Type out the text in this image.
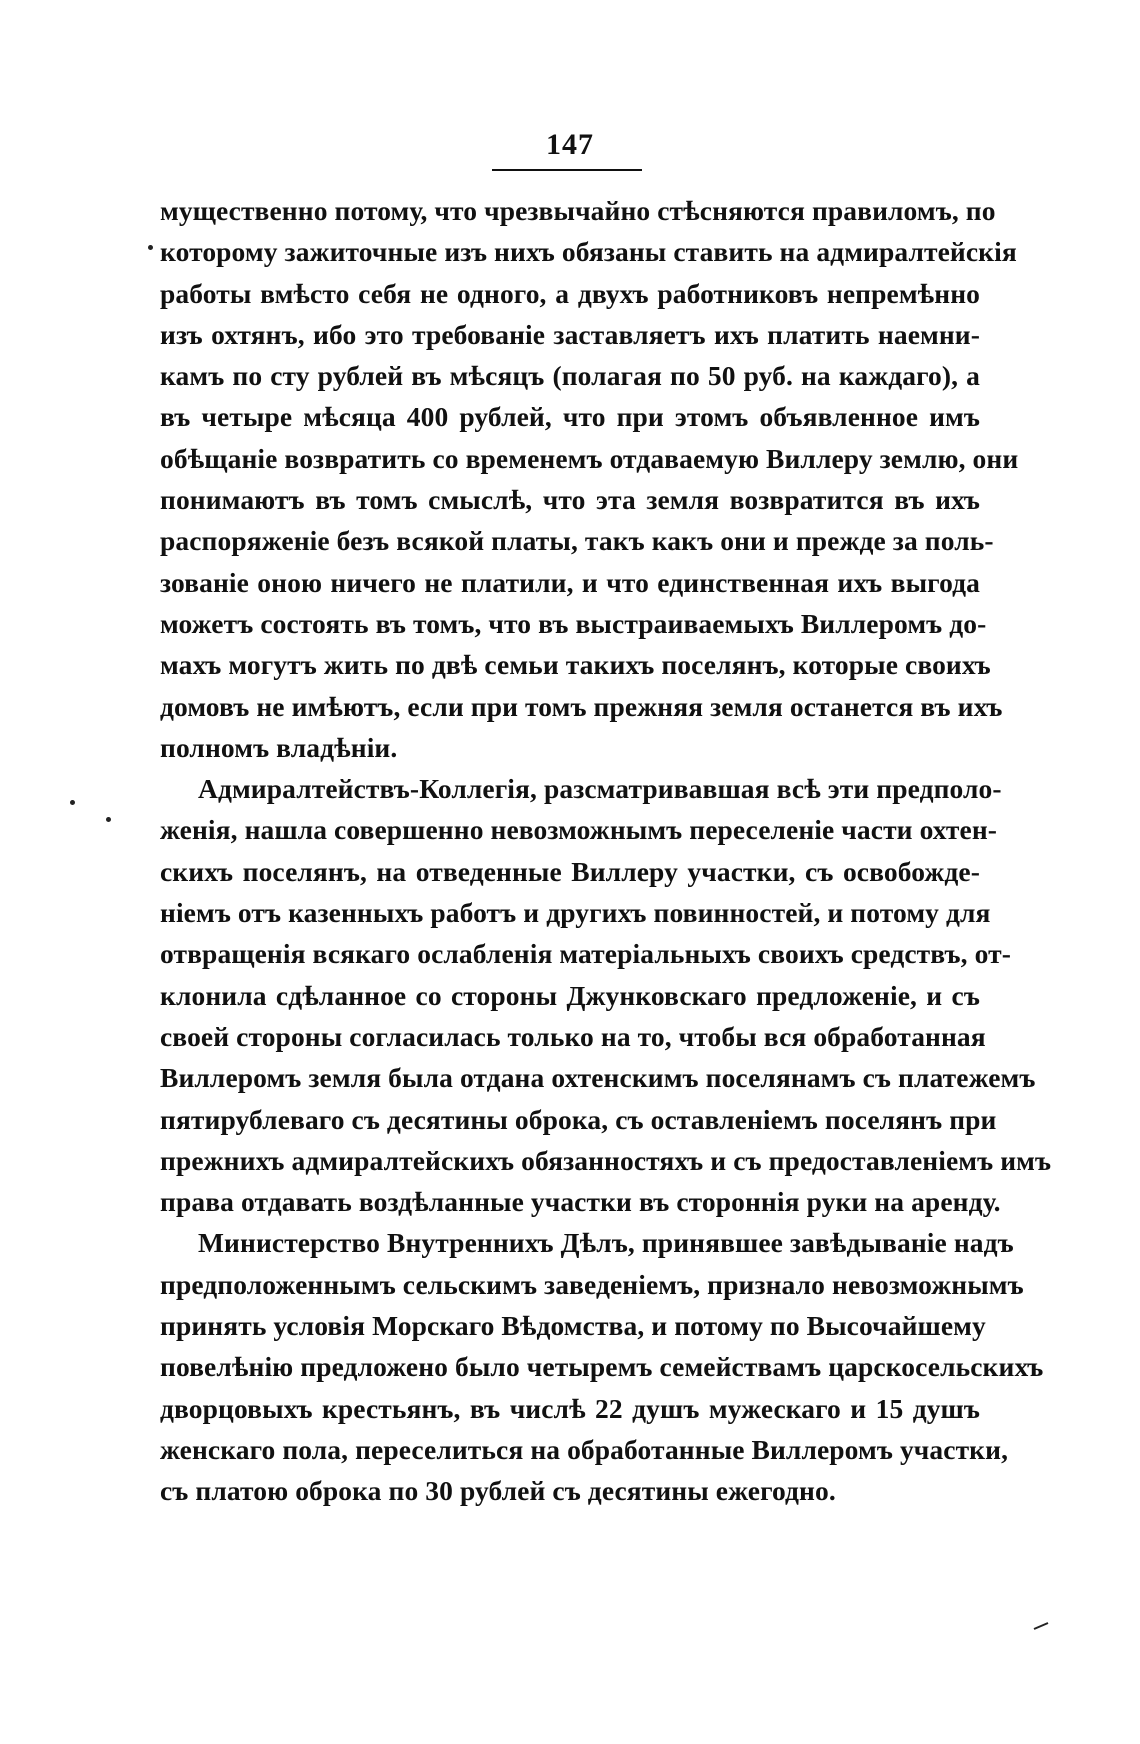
147
мущественно потому, что чрезвычайно стѣсняются правиломъ, по
которому зажиточные изъ нихъ обязаны ставить на адмиралтейскія
работы вмѣсто себя не одного, а двухъ работниковъ непремѣнно
изъ охтянъ, ибо это требованіе заставляетъ ихъ платить наемни-
камъ по сту рублей въ мѣсяцъ (полагая по 50 руб. на каждаго), а
въ четыре мѣсяца 400 рублей, что при этомъ объявленное имъ
обѣщаніе возвратить со временемъ отдаваемую Виллеру землю, они
понимаютъ въ томъ смыслѣ, что эта земля возвратится въ ихъ
распоряженіе безъ всякой платы, такъ какъ они и прежде за поль-
зованіе оною ничего не платили, и что единственная ихъ выгода
можетъ состоять въ томъ, что въ выстраиваемыхъ Виллеромъ до-
махъ могутъ жить по двѣ семьи такихъ поселянъ, которые своихъ
домовъ не имѣютъ, если при томъ прежняя земля останется въ ихъ
полномъ владѣніи.
Адмиралтействъ-Коллегія, разсматривавшая всѣ эти предполо-
женія, нашла совершенно невозможнымъ переселеніе части охтен-
скихъ поселянъ, на отведенные Виллеру участки, съ освобожде-
ніемъ отъ казенныхъ работъ и другихъ повинностей, и потому для
отвращенія всякаго ослабленія матеріальныхъ своихъ средствъ, от-
клонила сдѣланное со стороны Джунковскаго предложеніе, и съ
своей стороны согласилась только на то, чтобы вся обработанная
Виллеромъ земля была отдана охтенскимъ поселянамъ съ платежемъ
пятирублеваго съ десятины оброка, съ оставленіемъ поселянъ при
прежнихъ адмиралтейскихъ обязанностяхъ и съ предоставленіемъ имъ
права отдавать воздѣланные участки въ стороннія руки на аренду.
Министерство Внутреннихъ Дѣлъ, принявшее завѣдываніе надъ
предположеннымъ сельскимъ заведеніемъ, признало невозможнымъ
принять условія Морскаго Вѣдомства, и потому по Высочайшему
повелѣнію предложено было четыремъ семействамъ царскосельскихъ
дворцовыхъ крестьянъ, въ числѣ 22 душъ мужескаго и 15 душъ
женскаго пола, переселиться на обработанные Виллеромъ участки,
съ платою оброка по 30 рублей съ десятины ежегодно.
